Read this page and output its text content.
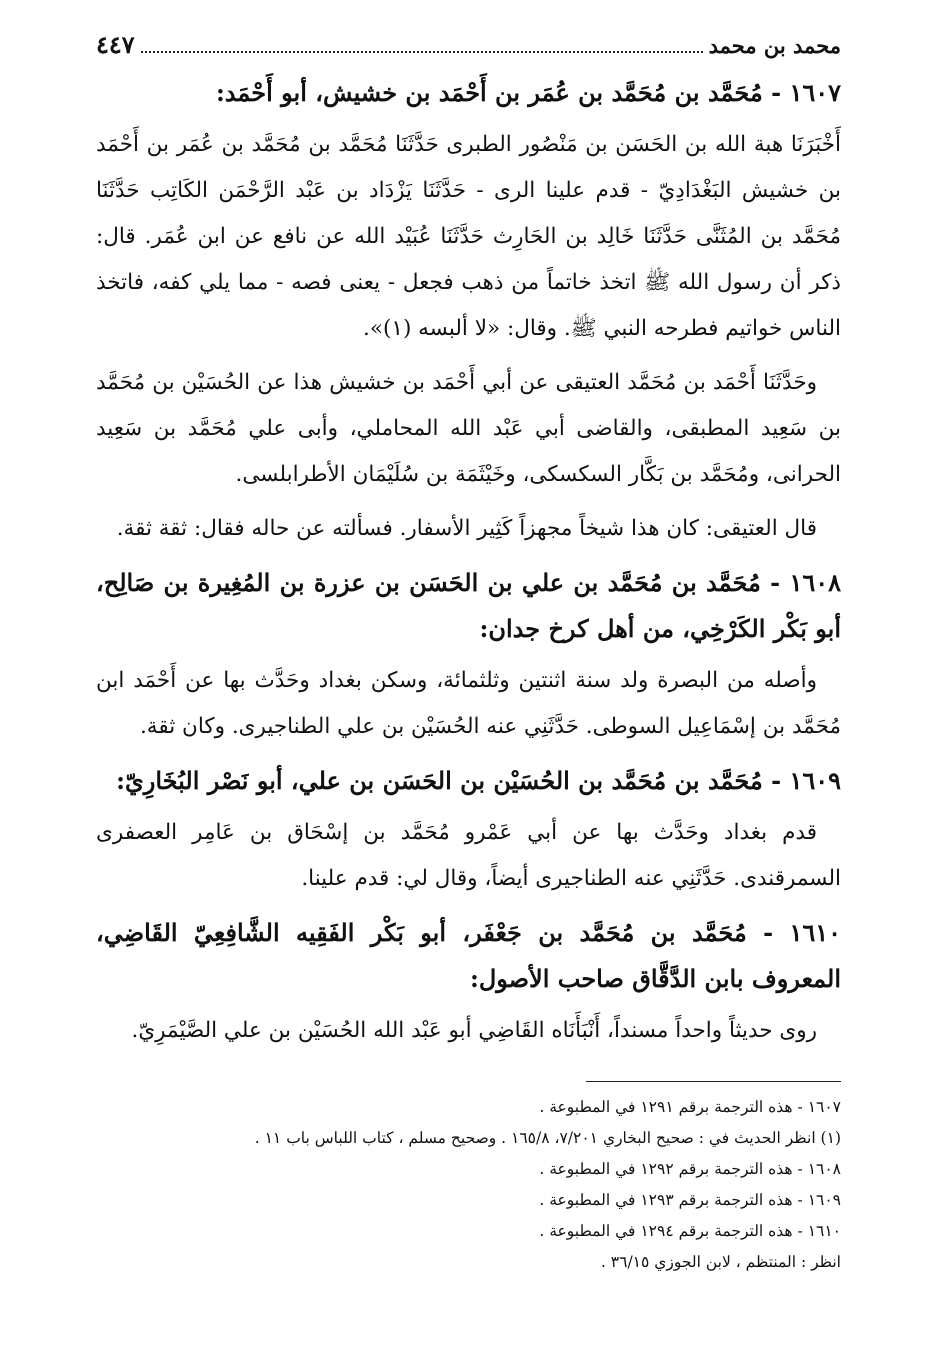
محمد بن محمد
٤٤٧
١٦٠٧ - مُحَمَّد بن مُحَمَّد بن عُمَر بن أَحْمَد بن خشيش، أبو أَحْمَد:

أَخْبَرَنَا هبة الله بن الحَسَن بن مَنْصُور الطبرى حَدَّثَنَا مُحَمَّد بن مُحَمَّد بن عُمَر بن أَحْمَد بن خشيش البَغْدَادِيّ - قدم علينا الرى - حَدَّثَنَا يَزْدَاد بن عَبْد الرَّحْمَن الكَاتِب حَدَّثَنَا مُحَمَّد بن المُثَنَّى حَدَّثَنَا خَالِد بن الحَارِث حَدَّثَنَا عُبَيْد الله عن نافع عن ابن عُمَر. قال: ذكر أن رسول الله ﷺ اتخذ خاتماً من ذهب فجعل - يعنى فصه - مما يلي كفه، فاتخذ الناس خواتيم فطرحه النبي ﷺ. وقال: «لا ألبسه (١)».

وحَدَّثَنَا أَحْمَد بن مُحَمَّد العتيقى عن أبي أَحْمَد بن خشيش هذا عن الحُسَيْن بن مُحَمَّد بن سَعِيد المطبقى، والقاضى أبي عَبْد الله المحاملي، وأبى علي مُحَمَّد بن سَعِيد الحرانى، ومُحَمَّد بن بَكَّار السكسكى، وخَيْثَمَة بن سُلَيْمَان الأطرابلسى.

قال العتيقى: كان هذا شيخاً مجهزاً كَثِير الأسفار. فسألته عن حاله فقال: ثقة ثقة.

١٦٠٨ - مُحَمَّد بن مُحَمَّد بن علي بن الحَسَن بن عزرة بن المُغِيرة بن صَالِح، أبو بَكْر الكَرْخِي، من أهل كرخ جدان:

وأصله من البصرة ولد سنة اثنتين وثلثمائة، وسكن بغداد وحَدَّث بها عن أَحْمَد ابن مُحَمَّد بن إسْمَاعِيل السوطى. حَدَّثَنِي عنه الحُسَيْن بن علي الطناجيرى. وكان ثقة.

١٦٠٩ - مُحَمَّد بن مُحَمَّد بن الحُسَيْن بن الحَسَن بن علي، أبو نَصْر البُخَارِيّ:

قدم بغداد وحَدَّث بها عن أبي عَمْرو مُحَمَّد بن إسْحَاق بن عَامِر العصفرى السمرقندى. حَدَّثَنِي عنه الطناجيرى أيضاً، وقال لي: قدم علينا.

١٦١٠ - مُحَمَّد بن مُحَمَّد بن جَعْفَر، أبو بَكْر الفَقِيه الشَّافِعِيّ القَاضِي، المعروف بابن الدَّقَّاق صاحب الأصول:

روى حديثاً واحداً مسنداً، أَنْبَأَنَاه القَاضِي أبو عَبْد الله الحُسَيْن بن علي الصَّيْمَرِيّ.

١٦٠٧ - هذه الترجمة برقم ١٢٩١ في المطبوعة .

(١) انظر الحديث في : صحيح البخاري ٧/٢٠١، ١٦٥/٨ . وصحيح مسلم ، كتاب اللباس باب ١١ .

١٦٠٨ - هذه الترجمة برقم ١٢٩٢ في المطبوعة .

١٦٠٩ - هذه الترجمة برقم ١٢٩٣ في المطبوعة .

١٦١٠ - هذه الترجمة برقم ١٢٩٤ في المطبوعة .

انظر : المنتظم ، لابن الجوزي ٣٦/١٥ .
